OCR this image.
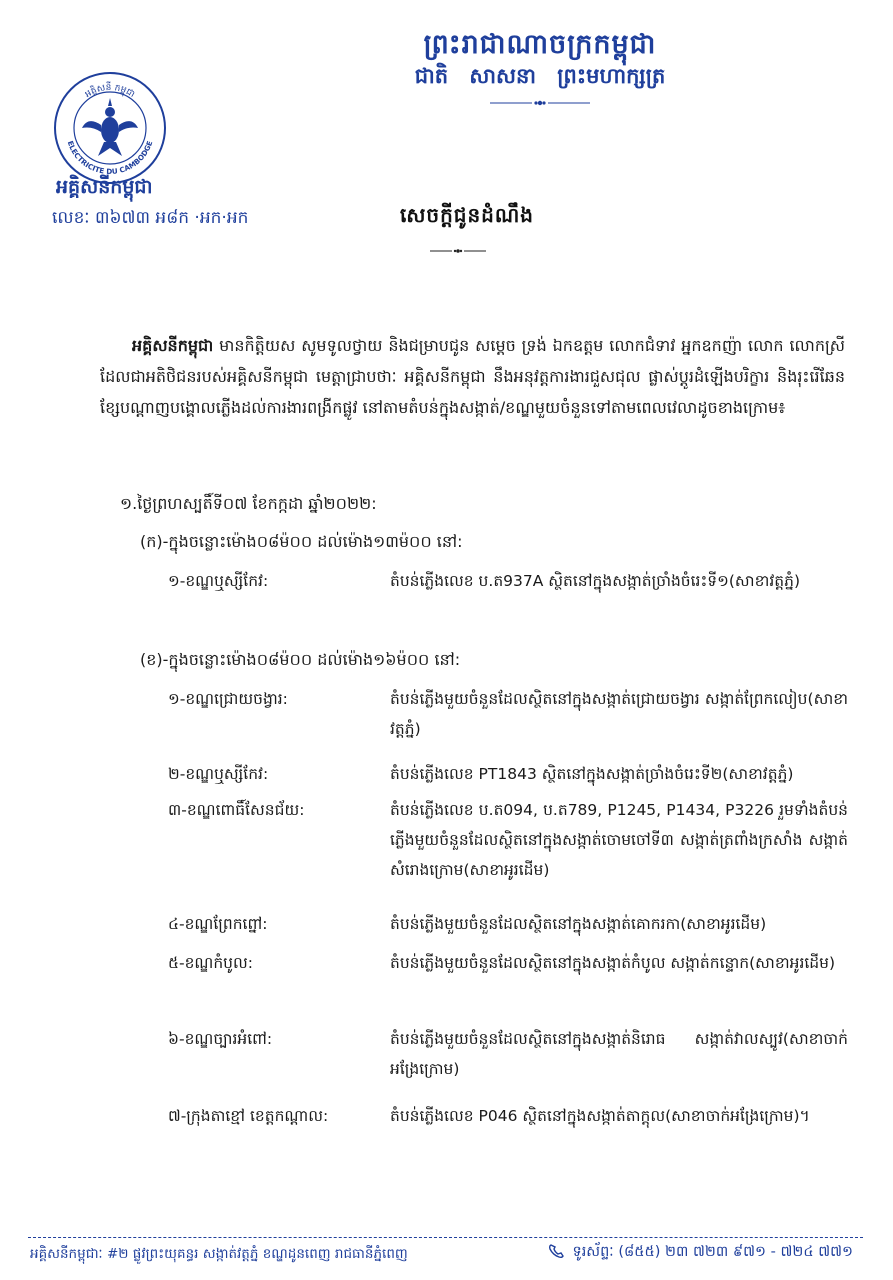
ព្រះរាជាណាចក្រកម្ពុជា
ជាតិ សាសនា ព្រះមហាក្សត្រ
អគ្គិសនី កម្ពុជា
ELECTRICITE DU CAMBODGE
អគ្គិសនីកម្ពុជា
លេខៈ ៣៦៧៣ អ៨ក ·អក·អក	សេចក្តីជូនដំណឹង

អគ្គិសនីកម្ពុជា មានកិត្តិយស សូមទូលថ្វាយ និងជម្រាបជូន សម្តេច ទ្រង់ ឯកឧត្តម លោកជំទាវ អ្នកឧកញ៉ា លោក លោកស្រី ដែលជាអតិថិជនរបស់អគ្គិសនីកម្ពុជា មេត្តាជ្រាបថាៈ អគ្គិសនីកម្ពុជា នឹងអនុវត្តការងារជួសជុល ផ្លាស់ប្តូរដំឡើងបរិក្ខារ និងរុះរើឆែនខ្សែបណ្តាញបង្គោលភ្លើងដល់ការងារពង្រីកផ្លូវ នៅតាមតំបន់ក្នុងសង្កាត់/ខណ្ឌមួយចំនួនទៅតាមពេលវេលាដូចខាងក្រោម៖

១.ថ្ងៃព្រហស្បតិ៍ទី០៧ ខែកក្កដា ឆ្នាំ២០២២:
(ក)-ក្នុងចន្លោះម៉ោង០៨ម៉០០ ដល់ម៉ោង១៣ម៉០០ នៅ:
១-ខណ្ឌឬស្សីកែវ:	តំបន់ភ្លើងលេខ ប.ត937A ស្ថិតនៅក្នុងសង្កាត់ច្រាំងចំរេះទី១(សាខាវត្តភ្នំ)
(ខ)-ក្នុងចន្លោះម៉ោង០៨ម៉០០ ដល់ម៉ោង១៦ម៉០០ នៅ:
១-ខណ្ឌជ្រោយចង្វារ:	តំបន់ភ្លើងមួយចំនួនដែលស្ថិតនៅក្នុងសង្កាត់ជ្រោយចង្វារ សង្កាត់ព្រែកលៀប(សាខាវត្តភ្នំ)
២-ខណ្ឌឬស្សីកែវ:	តំបន់ភ្លើងលេខ PT1843 ស្ថិតនៅក្នុងសង្កាត់ច្រាំងចំរេះទី២(សាខាវត្តភ្នំ)
៣-ខណ្ឌពោធិ៍សែនជ័យ:	តំបន់ភ្លើងលេខ ប.ត094, ប.ត789, P1245, P1434, P3226 រួមទាំងតំបន់ភ្លើងមួយចំនួនដែលស្ថិតនៅក្នុងសង្កាត់ចោមចៅទី៣ សង្កាត់ត្រពាំងក្រសាំង សង្កាត់សំរោងក្រោម(សាខាអូរដើម)
៤-ខណ្ឌព្រែកព្នៅ:	តំបន់ភ្លើងមួយចំនួនដែលស្ថិតនៅក្នុងសង្កាត់គោករកា(សាខាអូរដើម)
៥-ខណ្ឌកំបូល:	តំបន់ភ្លើងមួយចំនួនដែលស្ថិតនៅក្នុងសង្កាត់កំបូល សង្កាត់កន្ទោក(សាខាអូរដើម)
៦-ខណ្ឌច្បារអំពៅ:	តំបន់ភ្លើងមួយចំនួនដែលស្ថិតនៅក្នុងសង្កាត់និរោធ សង្កាត់វាលស្បូវ(សាខាចាក់អង្រែក្រោម)
៧-ក្រុងតាខ្មៅ ខេត្តកណ្តាល:	តំបន់ភ្លើងលេខ P046 ស្ថិតនៅក្នុងសង្កាត់តាក្តុល(សាខាចាក់អង្រែក្រោម)។
អគ្គិសនីកម្ពុជាៈ #២ ផ្លូវព្រះយុគន្ធរ សង្កាត់វត្តភ្នំ ខណ្ឌដូនពេញ រាជធានីភ្នំពេញ	ទូរស័ព្ទៈ (៨៥៥) ២៣ ៧២៣ ៩៧១ - ៧២៤ ៧៧១
